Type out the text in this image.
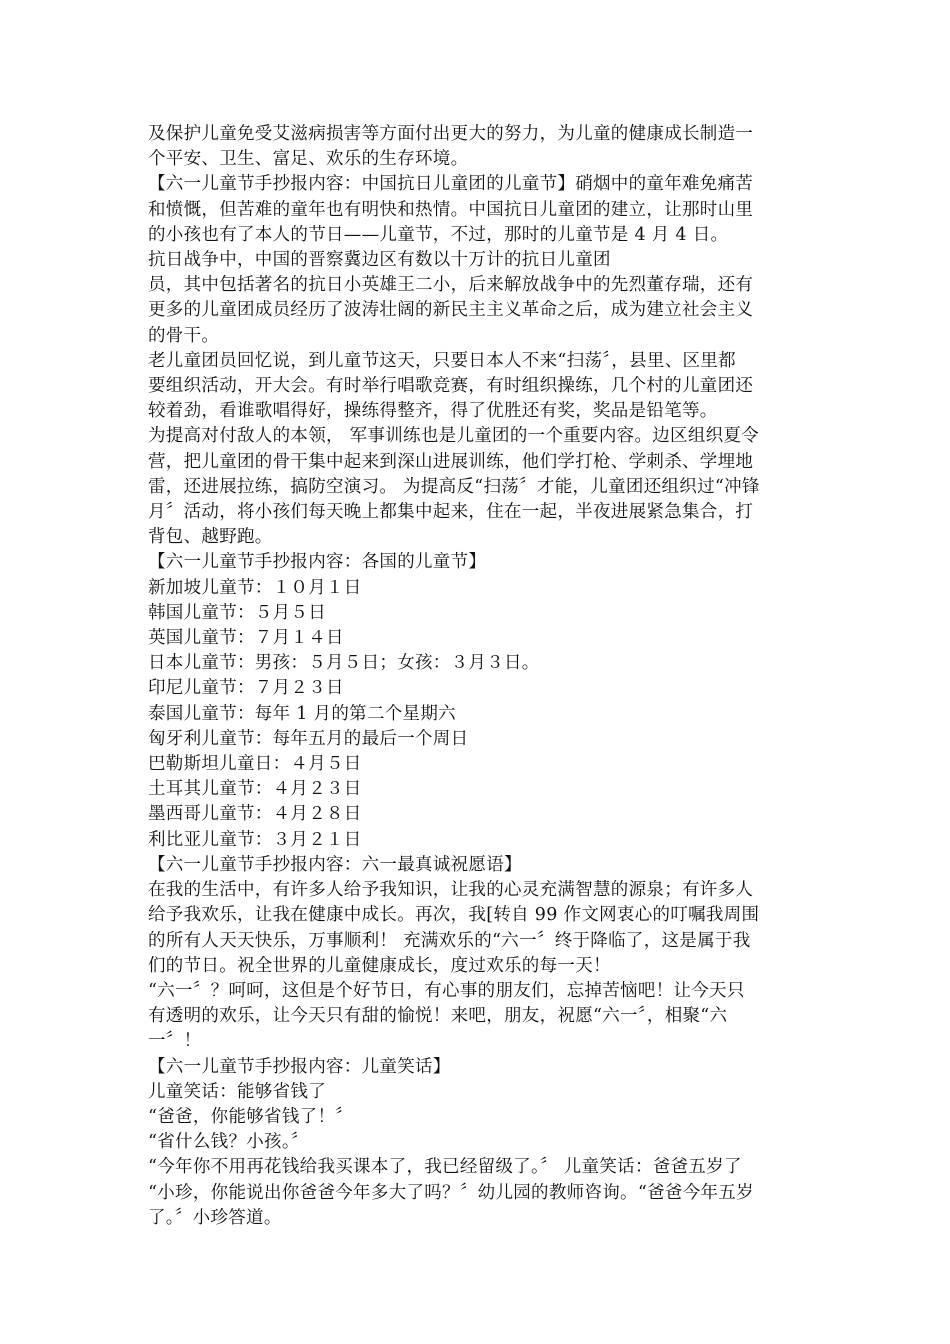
及保护儿童免受艾滋病损害等方面付出更大的努力，为儿童的健康成长制造一
个平安、卫生、富足、欢乐的生存环境。
【六一儿童节手抄报内容：中国抗日儿童团的儿童节】硝烟中的童年难免痛苦
和愤慨，但苦难的童年也有明快和热情。中国抗日儿童团的建立，让那时山里
的小孩也有了本人的节日——儿童节，不过，那时的儿童节是 4 月 4 日。
抗日战争中，中国的晋察冀边区有数以十万计的抗日儿童团
员，其中包括著名的抗日小英雄王二小，后来解放战争中的先烈董存瑞，还有
更多的儿童团成员经历了波涛壮阔的新民主主义革命之后，成为建立社会主义
的骨干。
老儿童团员回忆说，到儿童节这天，只要日本人不来“扫荡〞，县里、区里都
要组织活动，开大会。有时举行唱歌竞赛，有时组织操练，几个村的儿童团还
较着劲，看谁歌唱得好，操练得整齐，得了优胜还有奖，奖品是铅笔等。
为提高对付敌人的本领， 军事训练也是儿童团的一个重要内容。边区组织夏令
营，把儿童团的骨干集中起来到深山进展训练，他们学打枪、学刺杀、学埋地
雷，还进展拉练，搞防空演习。 为提高反“扫荡〞才能，儿童团还组织过“冲锋
月〞活动，将小孩们每天晚上都集中起来，住在一起，半夜进展紧急集合，打
背包、越野跑。
【六一儿童节手抄报内容：各国的儿童节】
新加坡儿童节：１０月１日
韩国儿童节：５月５日
英国儿童节：７月１４日
日本儿童节：男孩：５月５日；女孩：３月３日。
印尼儿童节：７月２３日
泰国儿童节：每年 1 月的第二个星期六
匈牙利儿童节：每年五月的最后一个周日
巴勒斯坦儿童日：４月５日
土耳其儿童节：４月２３日
墨西哥儿童节：４月２８日
利比亚儿童节：３月２１日
【六一儿童节手抄报内容：六一最真诚祝愿语】
在我的生活中，有许多人给予我知识，让我的心灵充满智慧的源泉；有许多人
给予我欢乐，让我在健康中成长。再次，我[转自 99 作文网衷心的叮嘱我周围
的所有人天天快乐，万事顺利！ 充满欢乐的“六一〞终于降临了，这是属于我
们的节日。祝全世界的儿童健康成长，度过欢乐的每一天！
“六一〞？呵呵，这但是个好节日，有心事的朋友们，忘掉苦恼吧！让今天只
有透明的欢乐，让今天只有甜的愉悦！来吧，朋友，祝愿“六一〞，相聚“六
一〞！
【六一儿童节手抄报内容：儿童笑话】
儿童笑话：能够省钱了
“爸爸，你能够省钱了！〞
“省什么钱？小孩。〞
“今年你不用再花钱给我买课本了，我已经留级了。〞 儿童笑话：爸爸五岁了
“小珍，你能说出你爸爸今年多大了吗？〞幼儿园的教师咨询。“爸爸今年五岁
了。〞小珍答道。
